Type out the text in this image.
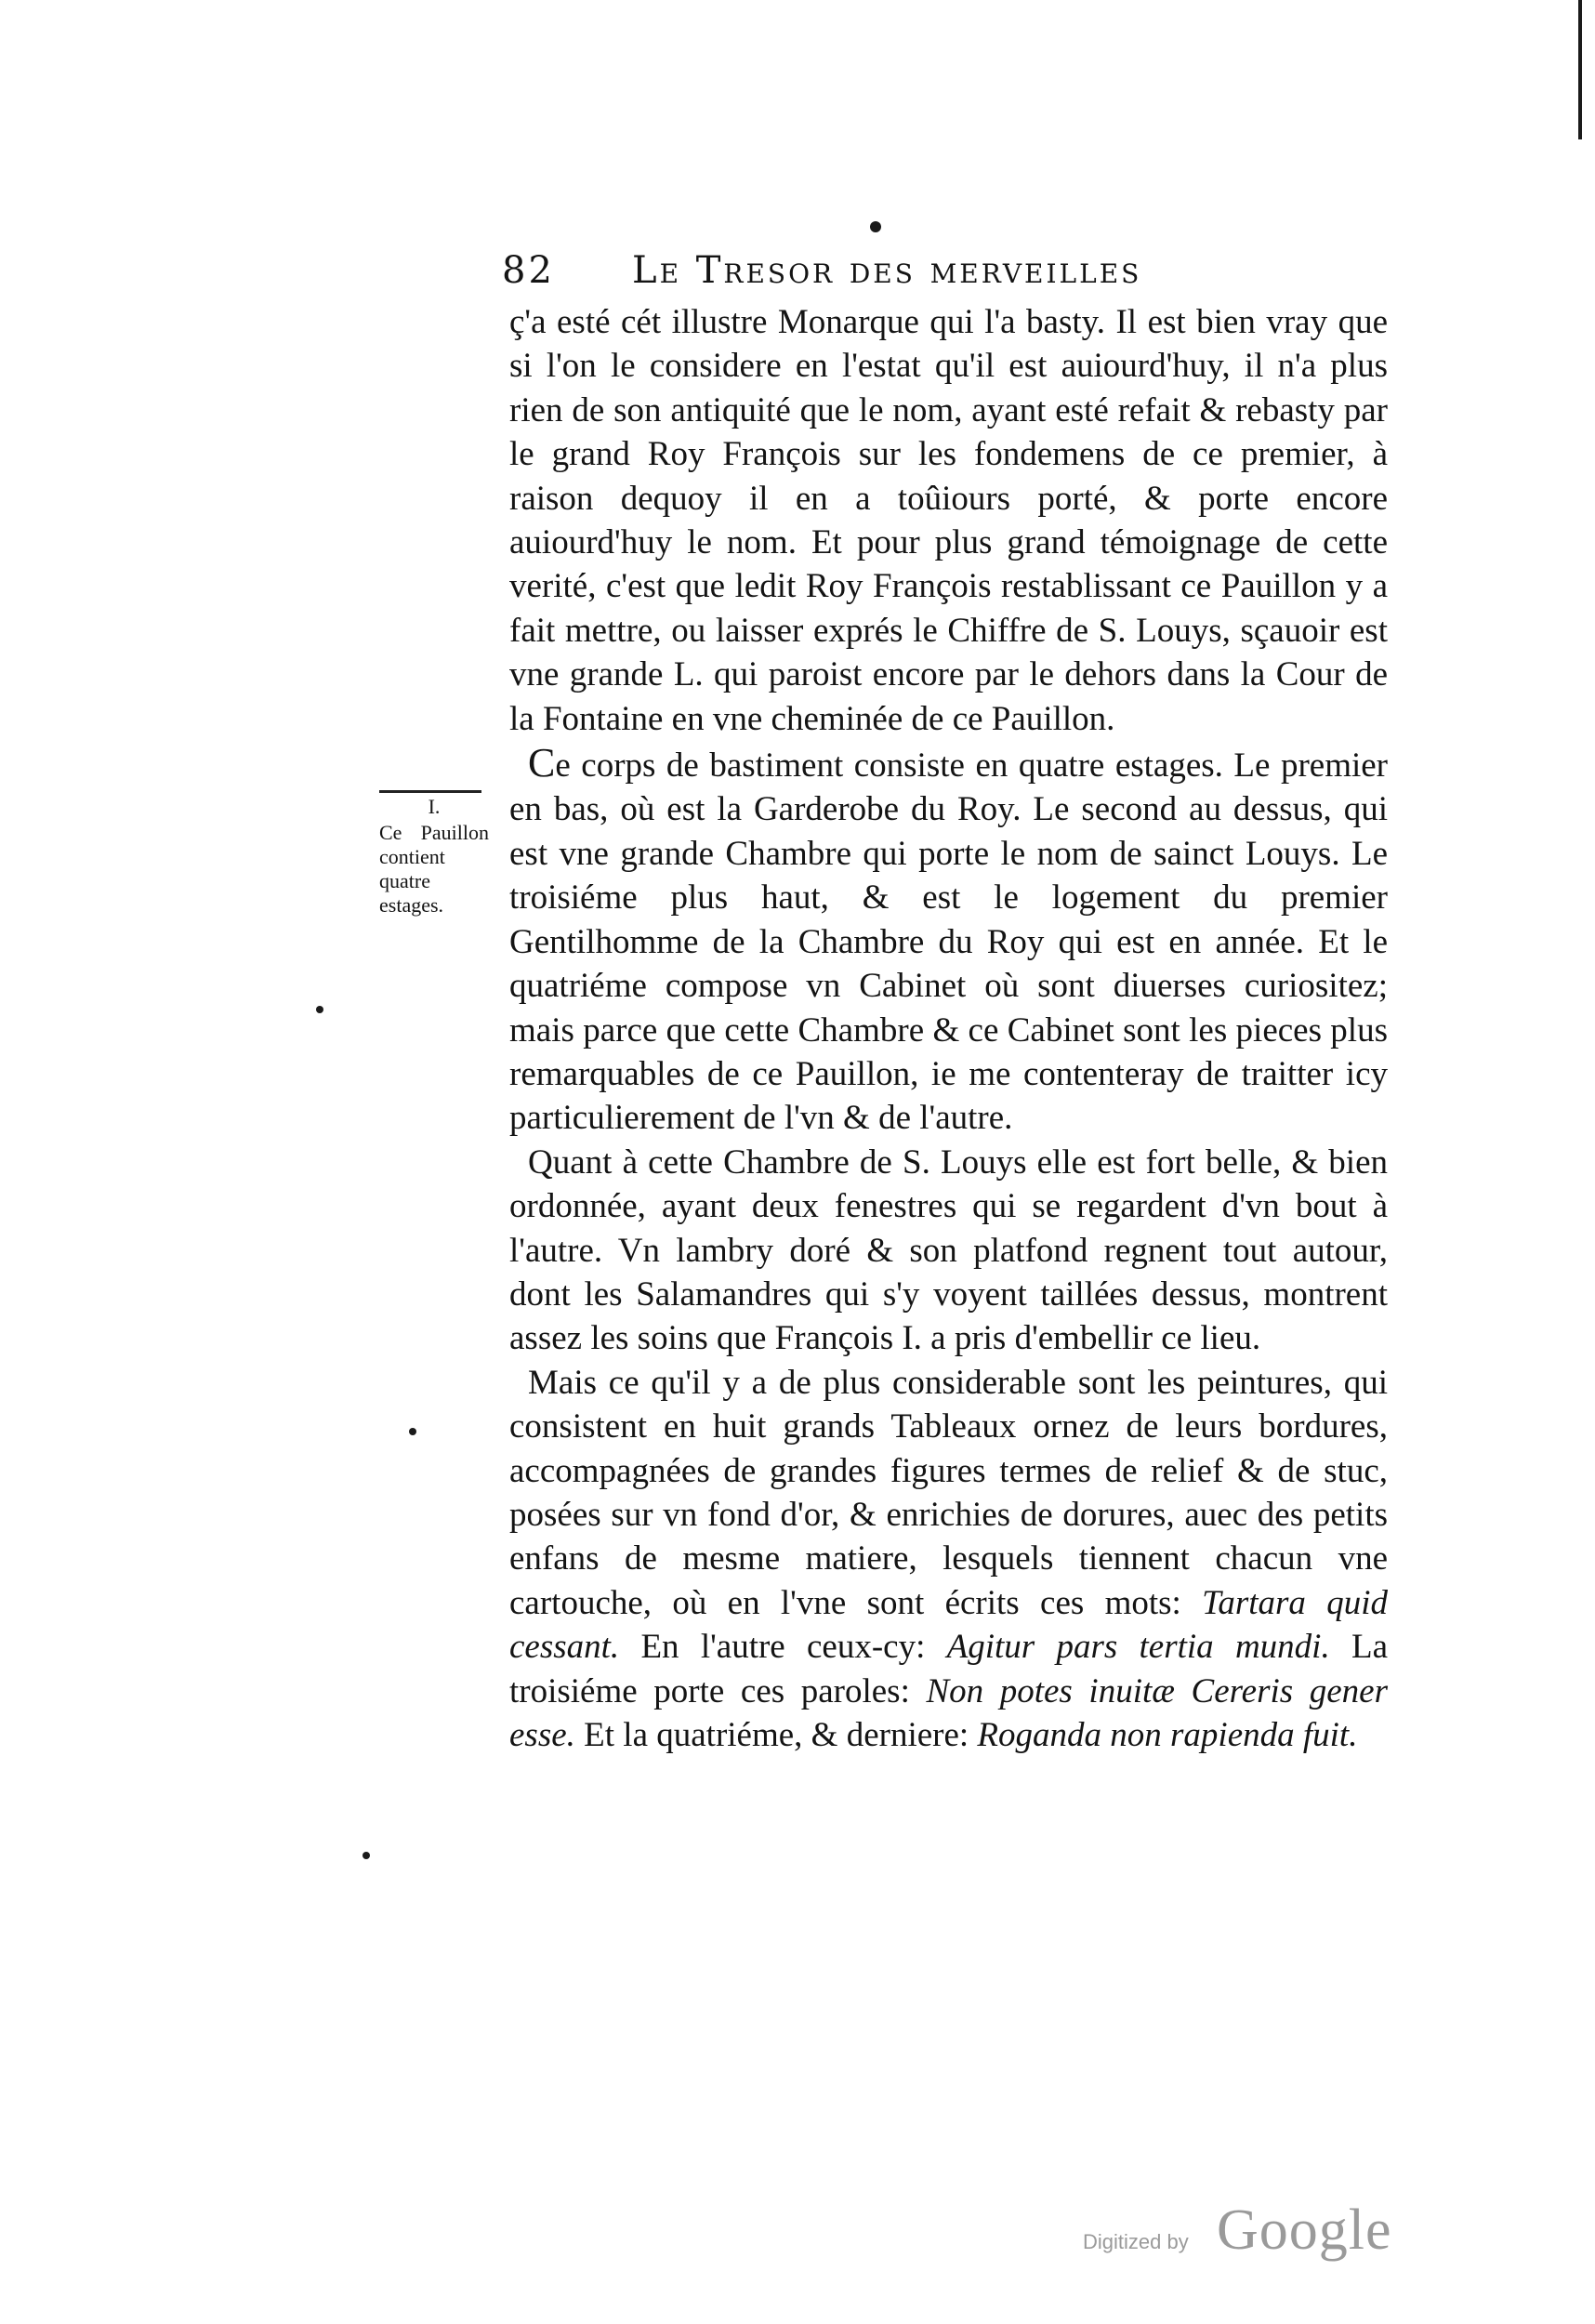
82 Le Tresor des merveilles
I.
Ce Pauillon contient quatre estages.

ç'a esté cét illustre Monarque qui l'a basty. Il est bien vray que si l'on le considere en l'estat qu'il est auiourd'huy, il n'a plus rien de son antiquité que le nom, ayant esté refait & rebasty par le grand Roy François sur les fondemens de ce premier, à raison dequoy il en a toûiours porté, & porte encore auiourd'huy le nom. Et pour plus grand témoignage de cette verité, c'est que ledit Roy François restablissant ce Pauillon y a fait mettre, ou laisser exprés le Chiffre de S. Louys, sçauoir est vne grande L. qui paroist encore par le dehors dans la Cour de la Fontaine en vne cheminée de ce Pauillon.

Ce corps de bastiment consiste en quatre estages. Le premier en bas, où est la Garderobe du Roy. Le second au dessus, qui est vne grande Chambre qui porte le nom de sainct Louys. Le troisiéme plus haut, & est le logement du premier Gentilhomme de la Chambre du Roy qui est en année. Et le quatriéme compose vn Cabinet où sont diuerses curiositez; mais parce que cette Chambre & ce Cabinet sont les pieces plus remarquables de ce Pauillon, ie me contenteray de traitter icy particulierement de l'vn & de l'autre.

Quant à cette Chambre de S. Louys elle est fort belle, & bien ordonnée, ayant deux fenestres qui se regardent d'vn bout à l'autre. Vn lambry doré & son platfond regnent tout autour, dont les Salamandres qui s'y voyent taillées dessus, montrent assez les soins que François I. a pris d'embellir ce lieu.

Mais ce qu'il y a de plus considerable sont les peintures, qui consistent en huit grands Tableaux ornez de leurs bordures, accompagnées de grandes figures termes de relief & de stuc, posées sur vn fond d'or, & enrichies de dorures, auec des petits enfans de mesme matiere, lesquels tiennent chacun vne cartouche, où en l'vne sont écrits ces mots: Tartara quid cessant. En l'autre ceux-cy: Agitur pars tertia mundi. La troisiéme porte ces paroles: Non potes inuitæ Cereris gener esse. Et la quatriéme, & derniere: Roganda non rapienda fuit.

Digitized by Google
